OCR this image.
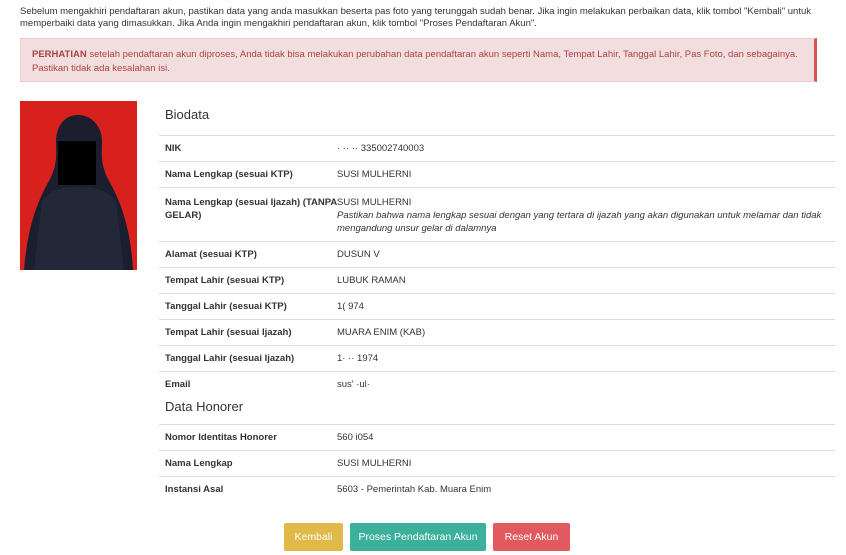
Sebelum mengakhiri pendaftaran akun, pastikan data yang anda masukkan beserta pas foto yang terunggah sudah benar. Jika ingin melakukan perbaikan data, klik tombol "Kembali" untuk memperbaiki data yang dimasukkan. Jika Anda ingin mengakhiri pendaftaran akun, klik tombol "Proses Pendaftaran Akun".
PERHATIAN setelah pendaftaran akun diproses, Anda tidak bisa melakukan perubahan data pendaftaran akun seperti Nama, Tempat Lahir, Tanggal Lahir, Pas Foto, dan sebagainya. Pastikan tidak ada kesalahan isi.
Biodata
NIK	· ·· ·· 335002740003
Nama Lengkap (sesuai KTP)	SUSI MULHERNI
Nama Lengkap (sesuai Ijazah) (TANPA GELAR)
SUSI MULHERNI

Pastikan bahwa nama lengkap sesuai dengan yang tertara di ijazah yang akan digunakan untuk melamar dan tidak mengandung unsur gelar di dalamnya
Alamat (sesuai KTP)	DUSUN V
Tempat Lahir (sesuai KTP)	LUBUK RAMAN
Tanggal Lahir (sesuai KTP)	1( 974
Tempat Lahir (sesuai Ijazah)	MUARA ENIM (KAB)
Tanggal Lahir (sesuai Ijazah)	1· ·· 1974
Email	sus' ·ul·
Data Honorer
Nomor Identitas Honorer	560 i054
Nama Lengkap	SUSI MULHERNI
Instansi Asal	5603 - Pemerintah Kab. Muara Enim
Kembali	Proses Pendaftaran Akun	Reset Akun
